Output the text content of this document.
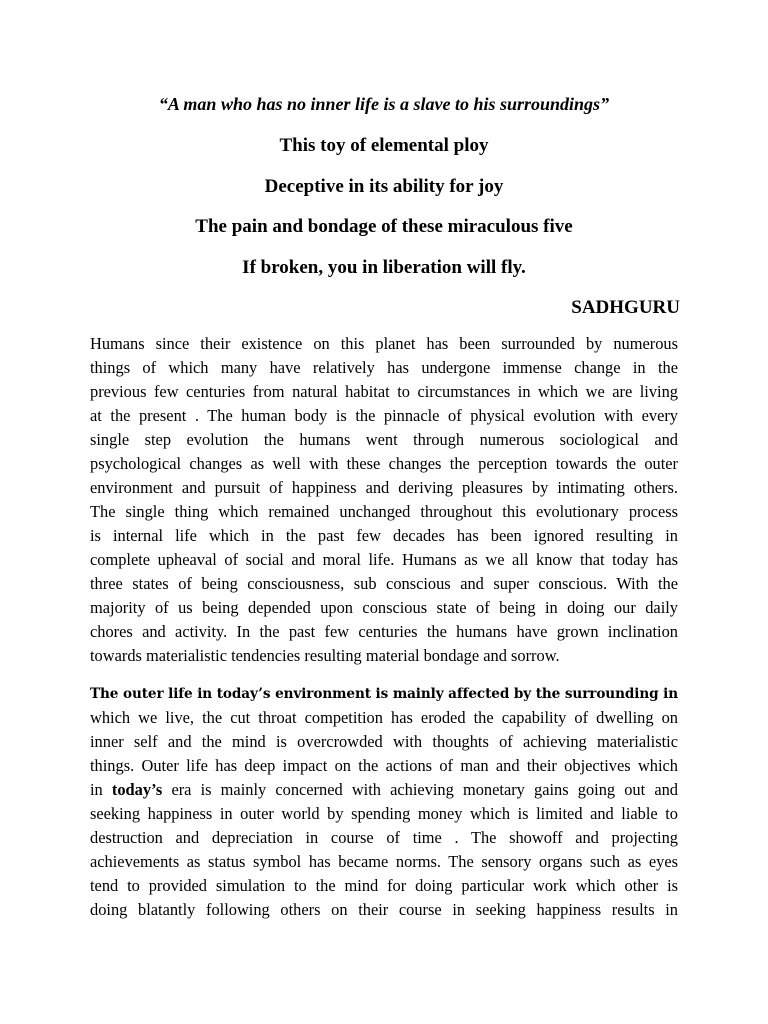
“A man who has no inner life is a slave to his surroundings”
This toy of elemental ploy
Deceptive in its ability for joy
The pain and bondage of these miraculous five
If broken, you in liberation will fly.
SADHGURU
Humans since their existence on this planet has been surrounded by numerous
things of which many have relatively has undergone immense change in the
previous few centuries from natural habitat to circumstances in which we are living
at the present . The human body is the pinnacle of physical evolution with every
single step evolution the humans went through numerous sociological and
psychological changes as well with these changes the perception towards the outer
environment and pursuit of happiness and deriving pleasures by intimating others.
The single thing which remained unchanged throughout this evolutionary process
is internal life which in the past few decades has been ignored resulting in
complete upheaval of social and moral life. Humans as we all know that today has
three states of being consciousness, sub conscious and super conscious. With the
majority of us being depended upon conscious state of being in doing our daily
chores and activity. In the past few centuries the humans have grown inclination
towards materialistic tendencies resulting material bondage and sorrow.
The outer life in today’s environment is mainly affected by the surrounding in
which we live, the cut throat competition has eroded the capability of dwelling on
inner self and the mind is overcrowded with thoughts of achieving materialistic
things. Outer life has deep impact on the actions of man and their objectives which
in today’s era is mainly concerned with achieving monetary gains going out and
seeking happiness in outer world by spending money which is limited and liable to
destruction and depreciation in course of time . The showoff and projecting
achievements as status symbol has became norms. The sensory organs such as eyes
tend to provided simulation to the mind for doing particular work which other is
doing blatantly following others on their course in seeking happiness results in
